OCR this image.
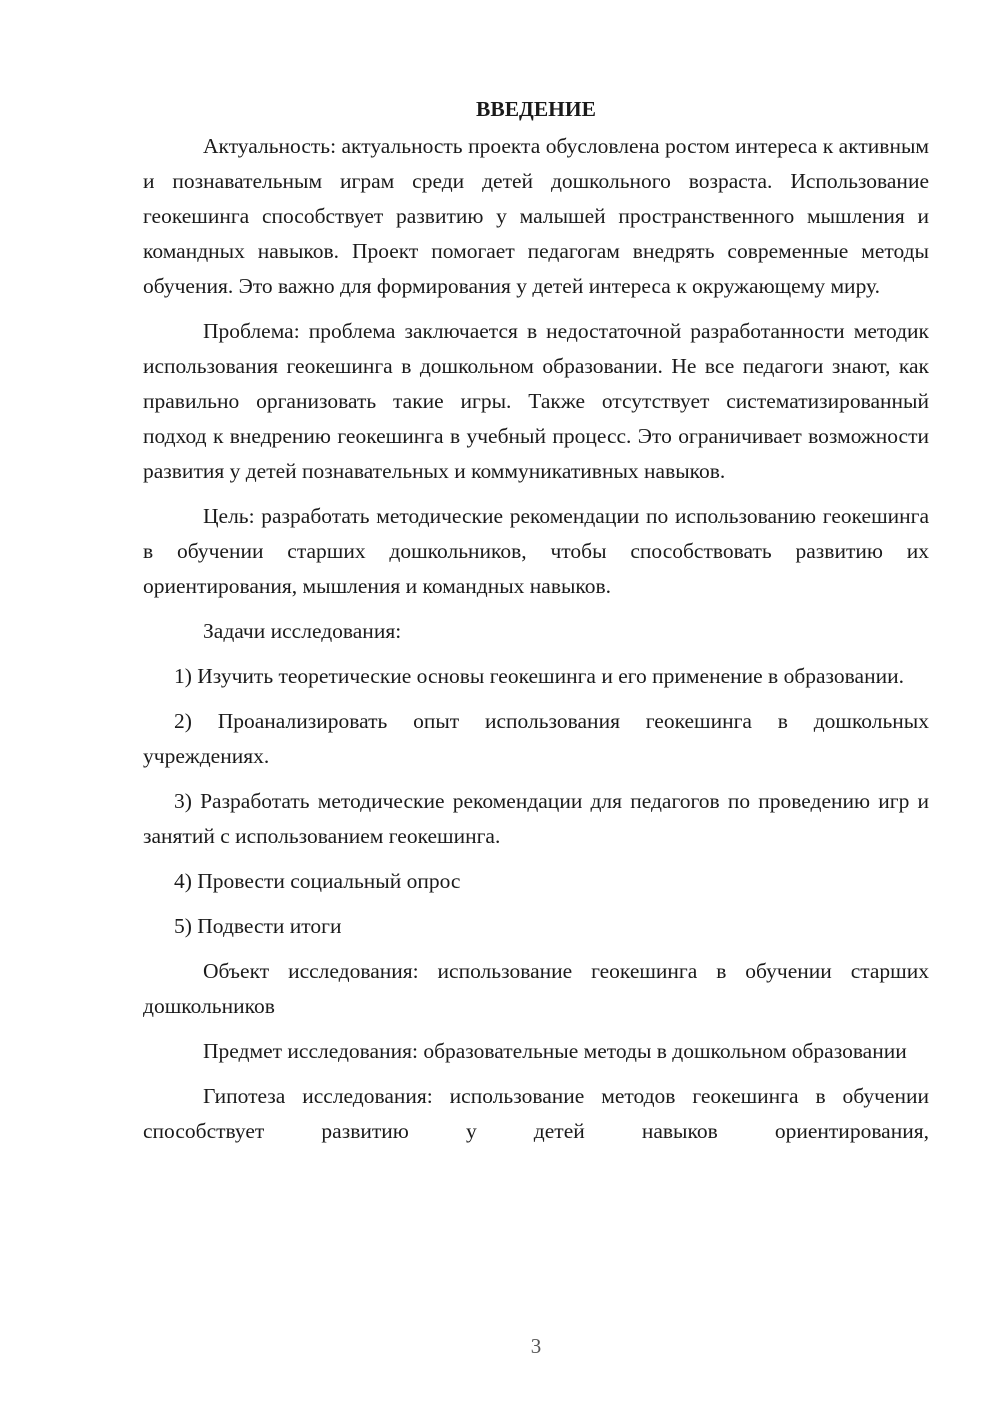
ВВЕДЕНИЕ

Актуальность: актуальность проекта обусловлена ростом интереса к активным и познавательным играм среди детей дошкольного возраста. Использование геокешинга способствует развитию у малышей пространственного мышления и командных навыков. Проект помогает педагогам внедрять современные методы обучения. Это важно для формирования у детей интереса к окружающему миру.

Проблема: проблема заключается в недостаточной разработанности методик использования геокешинга в дошкольном образовании. Не все педагоги знают, как правильно организовать такие игры. Также отсутствует систематизированный подход к внедрению геокешинга в учебный процесс. Это ограничивает возможности развития у детей познавательных и коммуникативных навыков.

Цель: разработать методические рекомендации по использованию геокешинга в обучении старших дошкольников, чтобы способствовать развитию их ориентирования, мышления и командных навыков.

Задачи исследования:

1) Изучить теоретические основы геокешинга и его применение в образовании.

2) Проанализировать опыт использования геокешинга в дошкольных учреждениях.

3) Разработать методические рекомендации для педагогов по проведению игр и занятий с использованием геокешинга.

4) Провести социальный опрос

5) Подвести итоги

Объект исследования: использование геокешинга в обучении старших дошкольников

Предмет исследования: образовательные методы в дошкольном образовании

Гипотеза исследования: использование методов геокешинга в обучении способствует развитию у детей навыков ориентирования,

3
